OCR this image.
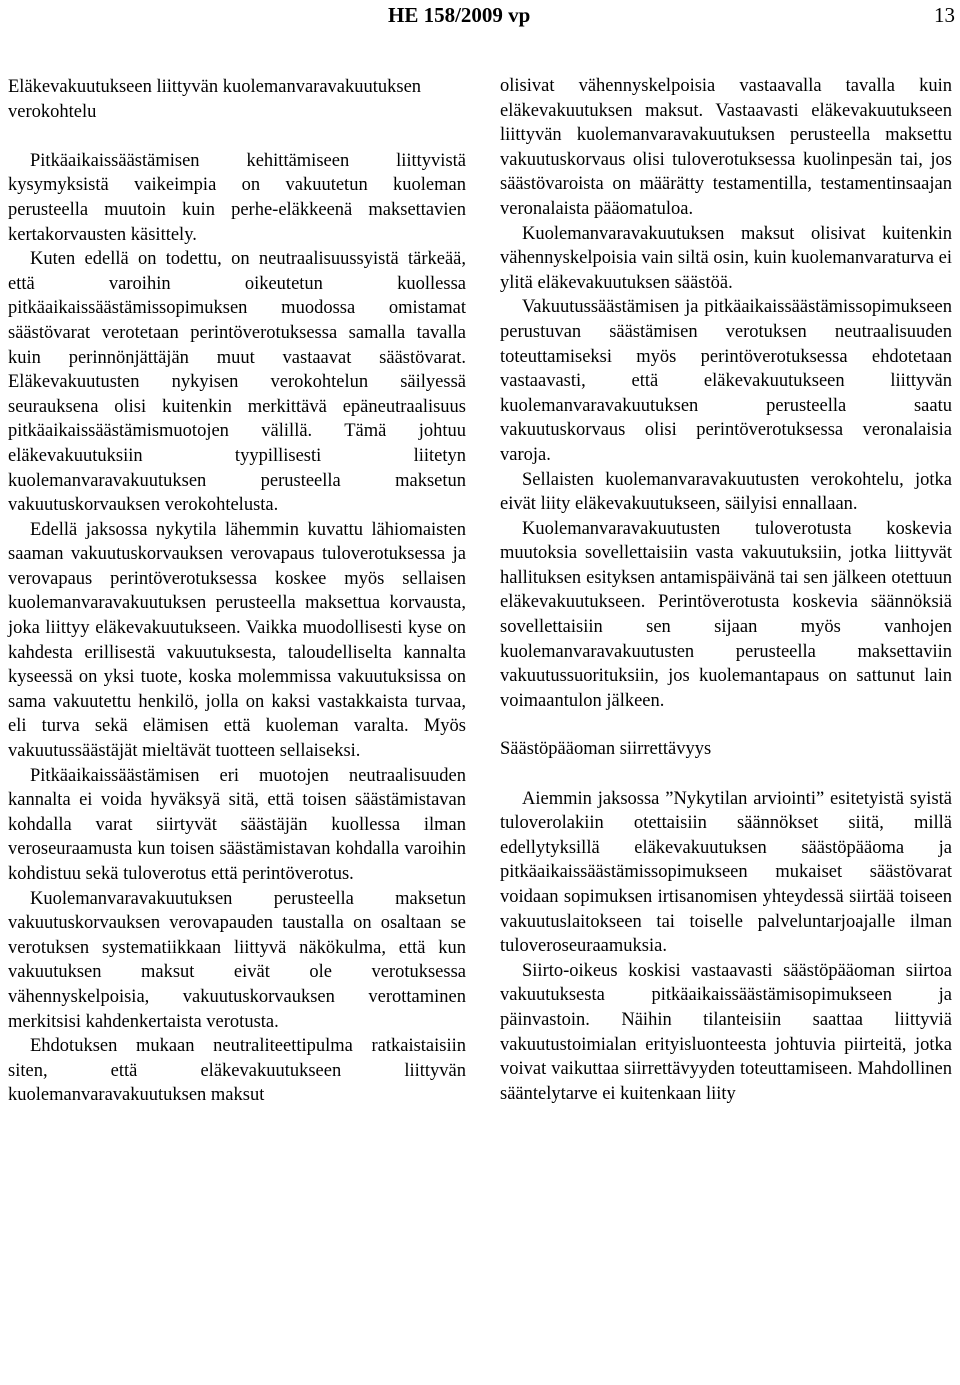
HE 158/2009 vp	13
Eläkevakuutukseen liittyvän kuolemanvaravakuutuksen verokohtelu

Pitkäaikaissäästämisen kehittämiseen liittyvistä kysymyksistä vaikeimpia on vakuutetun kuoleman perusteella muutoin kuin perhe-eläkkeenä maksettavien kertakorvausten käsittely.

Kuten edellä on todettu, on neutraalisuussyistä tärkeää, että varoihin oikeutetun kuollessa pitkäaikaissäästämissopimuksen muodossa omistamat säästövarat verotetaan perintöverotuksessa samalla tavalla kuin perinnönjättäjän muut vastaavat säästövarat. Eläkevakuutusten nykyisen verokohtelun säilyessä seurauksena olisi kuitenkin merkittävä epäneutraalisuus pitkäaikaissäästämismuotojen välillä. Tämä johtuu eläkevakuutuksiin tyypillisesti liitetyn kuolemanvaravakuutuksen perusteella maksetun vakuutuskorvauksen verokohtelusta.

Edellä jaksossa nykytila lähemmin kuvattu lähiomaisten saaman vakuutuskorvauksen verovapaus tuloverotuksessa ja verovapaus perintöverotuksessa koskee myös sellaisen kuolemanvaravakuutuksen perusteella maksettua korvausta, joka liittyy eläkevakuutukseen. Vaikka muodollisesti kyse on kahdesta erillisestä vakuutuksesta, taloudelliselta kannalta kyseessä on yksi tuote, koska molemmissa vakuutuksissa on sama vakuutettu henkilö, jolla on kaksi vastakkaista turvaa, eli turva sekä elämisen että kuoleman varalta. Myös vakuutussäästäjät mieltävät tuotteen sellaiseksi.

Pitkäaikaissäästämisen eri muotojen neutraalisuuden kannalta ei voida hyväksyä sitä, että toisen säästämistavan kohdalla varat siirtyvät säästäjän kuollessa ilman veroseuraamusta kun toisen säästämistavan kohdalla varoihin kohdistuu sekä tuloverotus että perintöverotus.

Kuolemanvaravakuutuksen perusteella maksetun vakuutuskorvauksen verovapauden taustalla on osaltaan se verotuksen systematiikkaan liittyvä näkökulma, että kun vakuutuksen maksut eivät ole verotuksessa vähennyskelpoisia, vakuutuskorvauksen verottaminen merkitsisi kahdenkertaista verotusta.

Ehdotuksen mukaan neutraliteettipulma ratkaistaisiin siten, että eläkevakuutukseen liittyvän kuolemanvaravakuutuksen maksut

olisivat vähennyskelpoisia vastaavalla tavalla kuin eläkevakuutuksen maksut. Vastaavasti eläkevakuutukseen liittyvän kuolemanvaravakuutuksen perusteella maksettu vakuutuskorvaus olisi tuloverotuksessa kuolinpesän tai, jos säästövaroista on määrätty testamentilla, testamentinsaajan veronalaista pääomatuloa.

Kuolemanvaravakuutuksen maksut olisivat kuitenkin vähennyskelpoisia vain siltä osin, kuin kuolemanvaraturva ei ylitä eläkevakuutuksen säästöä.

Vakuutussäästämisen ja pitkäaikaissäästämissopimukseen perustuvan säästämisen verotuksen neutraalisuuden toteuttamiseksi myös perintöverotuksessa ehdotetaan vastaavasti, että eläkevakuutukseen liittyvän kuolemanvaravakuutuksen perusteella saatu vakuutuskorvaus olisi perintöverotuksessa veronalaisia varoja.

Sellaisten kuolemanvaravakuutusten verokohtelu, jotka eivät liity eläkevakuutukseen, säilyisi ennallaan.

Kuolemanvaravakuutusten tuloverotusta koskevia muutoksia sovellettaisiin vasta vakuutuksiin, jotka liittyvät hallituksen esityksen antamispäivänä tai sen jälkeen otettuun eläkevakuutukseen. Perintöverotusta koskevia säännöksiä sovellettaisiin sen sijaan myös vanhojen kuolemanvaravakuutusten perusteella maksettaviin vakuutussuorituksiin, jos kuolemantapaus on sattunut lain voimaantulon jälkeen.

Säästöpääoman siirrettävyys

Aiemmin jaksossa ”Nykytilan arviointi” esitetyistä syistä tuloverolakiin otettaisiin säännökset siitä, millä edellytyksillä eläkevakuutuksen säästöpääoma ja pitkäaikaissäästämissopimukseen mukaiset säästövarat voidaan sopimuksen irtisanomisen yhteydessä siirtää toiseen vakuutuslaitokseen tai toiselle palveluntarjoajalle ilman tuloveroseuraamuksia.

Siirto-oikeus koskisi vastaavasti säästöpääoman siirtoa vakuutuksesta pitkäaikaissäästämisopimukseen ja päinvastoin. Näihin tilanteisiin saattaa liittyviä vakuutustoimialan erityisluonteesta johtuvia piirteitä, jotka voivat vaikuttaa siirrettävyyden toteuttamiseen. Mahdollinen sääntelytarve ei kuitenkaan liity
